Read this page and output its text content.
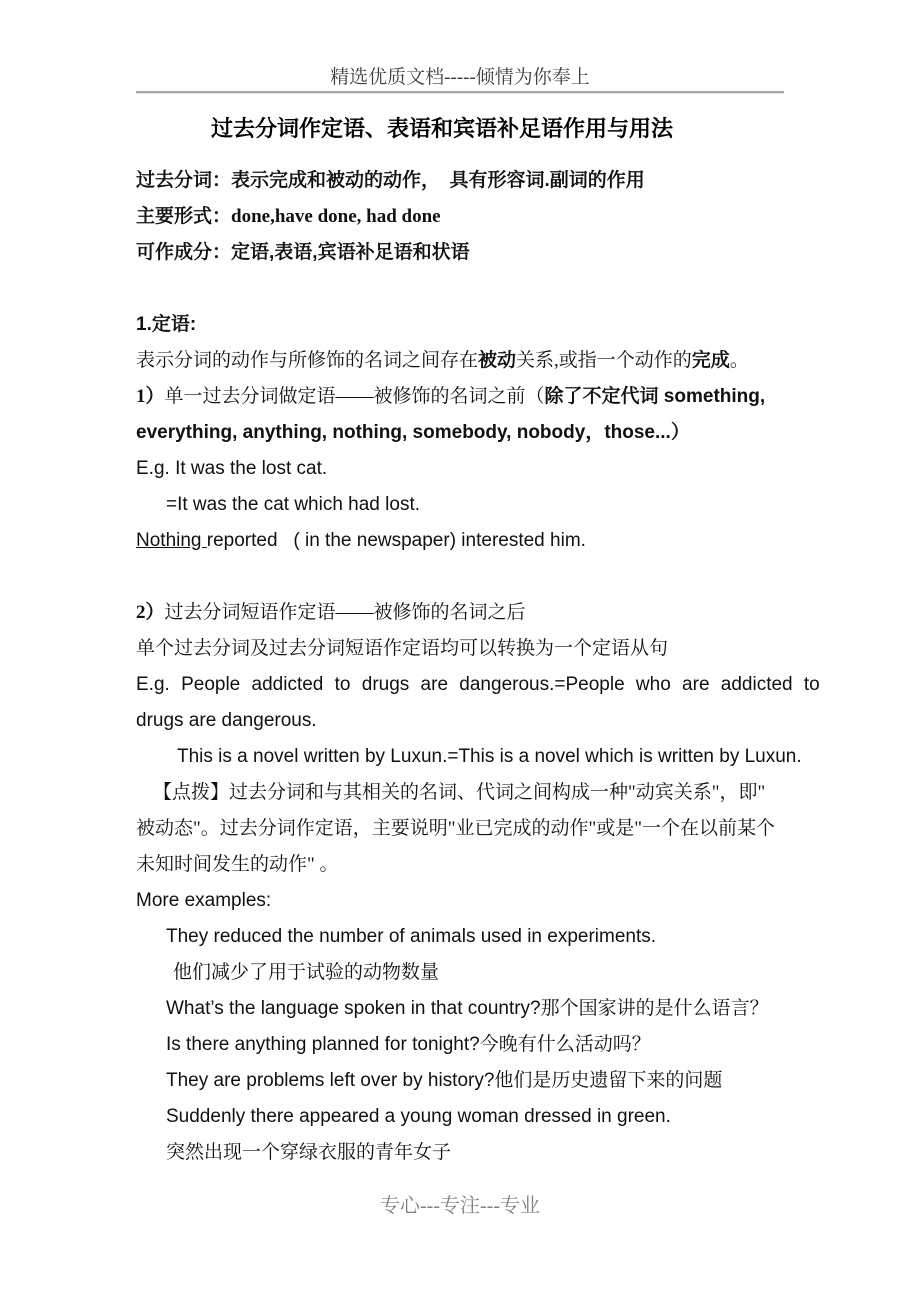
精选优质文档-----倾情为你奉上
过去分词作定语、表语和宾语补足语作用与用法
过去分词：表示完成和被动的动作，　具有形容词.副词的作用
主要形式：done,have done, had done
可作成分：定语,表语,宾语补足语和状语
1.定语:
表示分词的动作与所修饰的名词之间存在被动关系,或指一个动作的完成。
1）单一过去分词做定语——被修饰的名词之前（除了不定代词 something,
everything, anything, nothing, somebody, nobody，those...）
E.g. It was the lost cat.
=It was the cat which had lost.
Nothing reported   ( in the newspaper) interested him.
2）过去分词短语作定语——被修饰的名词之后
单个过去分词及过去分词短语作定语均可以转换为一个定语从句
E.g. People addicted to drugs are dangerous.=People who are addicted to
drugs are dangerous.
This is a novel written by Luxun.=This is a novel which is written by Luxun.
【点拨】过去分词和与其相关的名词、代词之间构成一种"动宾关系"，即"
被动态"。过去分词作定语，主要说明"业已完成的动作"或是"一个在以前某个
未知时间发生的动作" 。
More examples:
They reduced the number of animals used in experiments.
他们减少了用于试验的动物数量
What’s the language spoken in that country?那个国家讲的是什么语言？
Is there anything planned for tonight?今晚有什么活动吗？
They are problems left over by history?他们是历史遗留下来的问题
Suddenly there appeared a young woman dressed in green.
突然出现一个穿绿衣服的青年女子
专心---专注---专业
